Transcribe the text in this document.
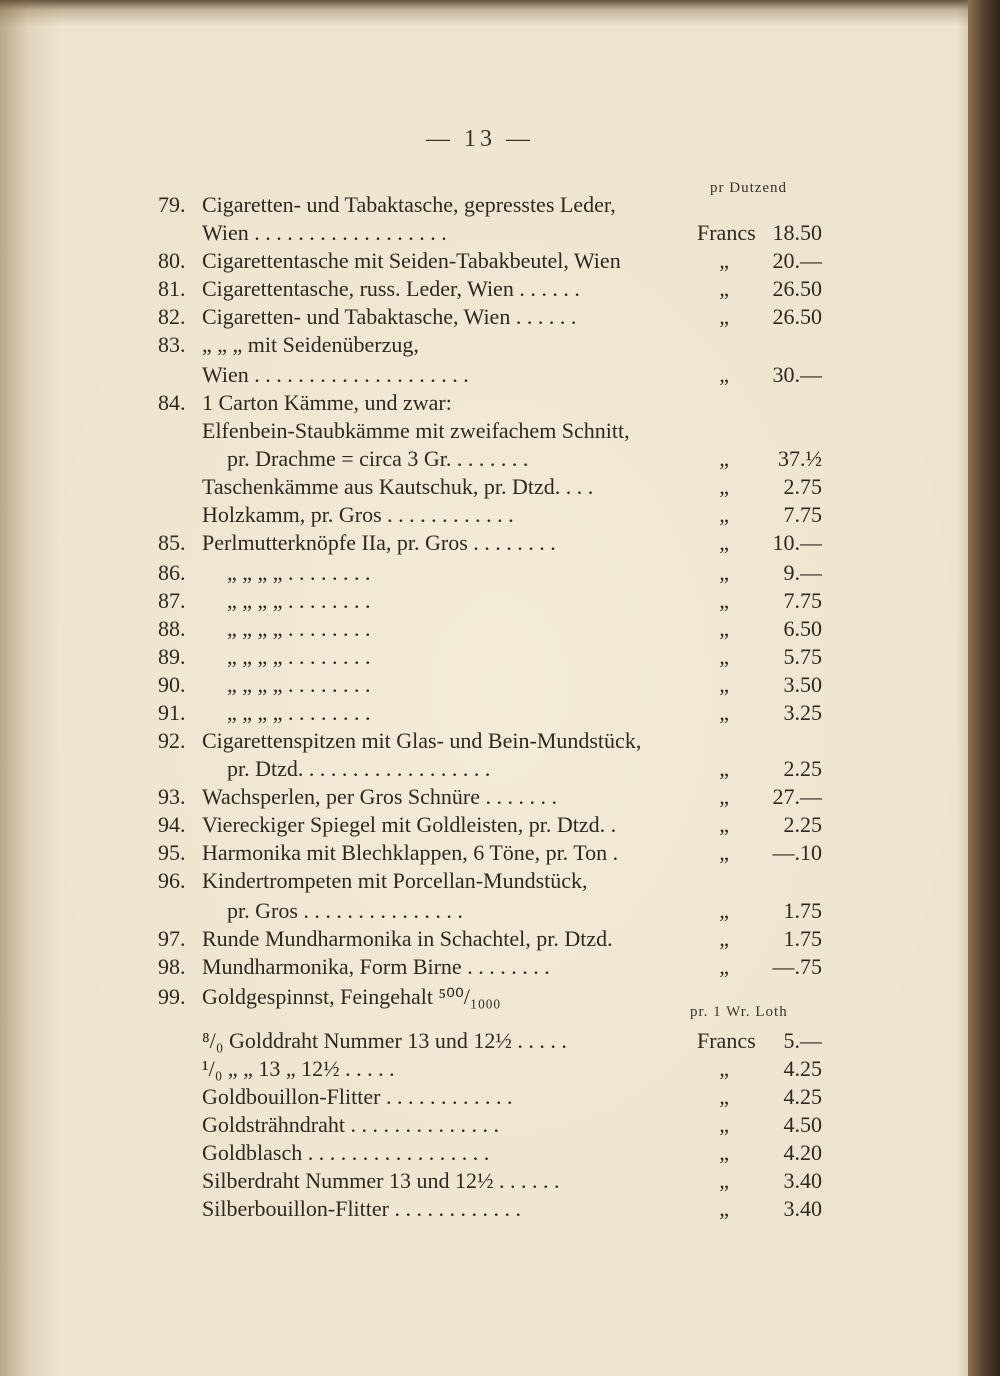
— 13 —
pr Dutzend
pr. 1 Wr. Loth
79. Cigaretten- und Tabaktasche, gepresstes Leder,
Wien . . . . . . . . . . . . . . . . . .	Francs 18.50
80. Cigarettentasche mit Seiden-Tabakbeutel, Wien	„	20.—
81. Cigarettentasche, russ. Leder, Wien . . . . . .	„	26.50
82. Cigaretten- und Tabaktasche, Wien . . . . . .	„	26.50
83. „ „ „ mit Seidenüberzug,
Wien . . . . . . . . . . . . . . . . . . . .	„	30.—
84. 1 Carton Kämme, und zwar:
Elfenbein-Staubkämme mit zweifachem Schnitt,
pr. Drachme = circa 3 Gr. . . . . . . .	„	37.½
Taschenkämme aus Kautschuk, pr. Dtzd. . . .	„	2.75
Holzkamm, pr. Gros . . . . . . . . . . . .	„	7.75
85. Perlmutterknöpfe IIa, pr. Gros . . . . . . . .	„	10.—
86. „ „ „ „ . . . . . . . .	„	9.—
87. „ „ „ „ . . . . . . . .	„	7.75
88. „ „ „ „ . . . . . . . .	„	6.50
89. „ „ „ „ . . . . . . . .	„	5.75
90. „ „ „ „ . . . . . . . .	„	3.50
91. „ „ „ „ . . . . . . . .	„	3.25
92. Cigarettenspitzen mit Glas- und Bein-Mundstück,
pr. Dtzd. . . . . . . . . . . . . . . . . .	„	2.25
93. Wachsperlen, per Gros Schnüre . . . . . . .	„	27.—
94. Viereckiger Spiegel mit Goldleisten, pr. Dtzd. .	„	2.25
95. Harmonika mit Blechklappen, 6 Töne, pr. Ton .	„	—.10
96. Kindertrompeten mit Porcellan-Mundstück,
pr. Gros . . . . . . . . . . . . . . .	„	1.75
97. Runde Mundharmonika in Schachtel, pr. Dtzd.	„	1.75
98. Mundharmonika, Form Birne . . . . . . . .	„	—.75
99. Goldgespinnst, Feingehalt ⁵⁰⁰/₁₀₀₀
⁸/₀ Golddraht Nummer 13 und 12½ . . . . .	Francs	5.—
¹/₀ „ „ 13 „ 12½ . . . . .	„	4.25
Goldbouillon-Flitter . . . . . . . . . . . .	„	4.25
Goldsträhndraht . . . . . . . . . . . . . .	„	4.50
Goldblasch . . . . . . . . . . . . . . . . .	„	4.20
Silberdraht Nummer 13 und 12½ . . . . . .	„	3.40
Silberbouillon-Flitter . . . . . . . . . . . .	„	3.40
